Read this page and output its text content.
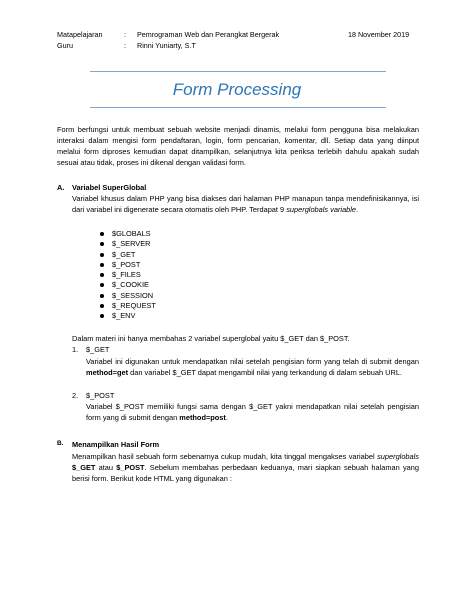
Matapelajaran	: Pemrograman Web dan Perangkat Bergerak	18 November 2019
Guru	: Rinni Yuniarty, S.T
Form Processing
Form berfungsi untuk membuat sebuah website menjadi dinamis, melalui form pengguna bisa melakukan interaksi dalam mengisi form pendaftaran, login, form pencarian, komentar, dll. Setiap data yang diinput melalui form diproses kemudian dapat ditampilkan, selanjutnya kita periksa terlebih dahulu apakah sudah sesuai atau tidak, proses ini dikenal dengan validasi form.
A. Variabel SuperGlobal
Variabel khusus dalam PHP yang bisa diakses dari halaman PHP manapun tanpa mendefinisikannya, isi dari variabel ini digenerate secara otomatis oleh PHP. Terdapat 9 superglobals variable.
$GLOBALS
$_SERVER
$_GET
$_POST
$_FILES
$_COOKIE
$_SESSION
$_REQUEST
$_ENV
Dalam materi ini hanya membahas 2 variabel superglobal yaitu $_GET dan $_POST.
1. $_GET
Variabel ini digunakan untuk mendapatkan nilai setelah pengisian form yang telah di submit dengan method=get dan variabel $_GET dapat mengambil nilai yang terkandung di dalam sebuah URL.
2. $_POST
Variabel $_POST memiliki fungsi sama dengan $_GET yakni mendapatkan nilai setelah pengisian form yang di submit dengan method=post.
B. Menampilkan Hasil Form
Menampilkan hasil sebuah form sebenarnya cukup mudah, kita tinggal mengakses variabel superglobals $_GET atau $_POST. Sebelum membahas perbedaan keduanya, mari siapkan sebuah halaman yang berisi form. Berikut kode HTML yang digunakan :
